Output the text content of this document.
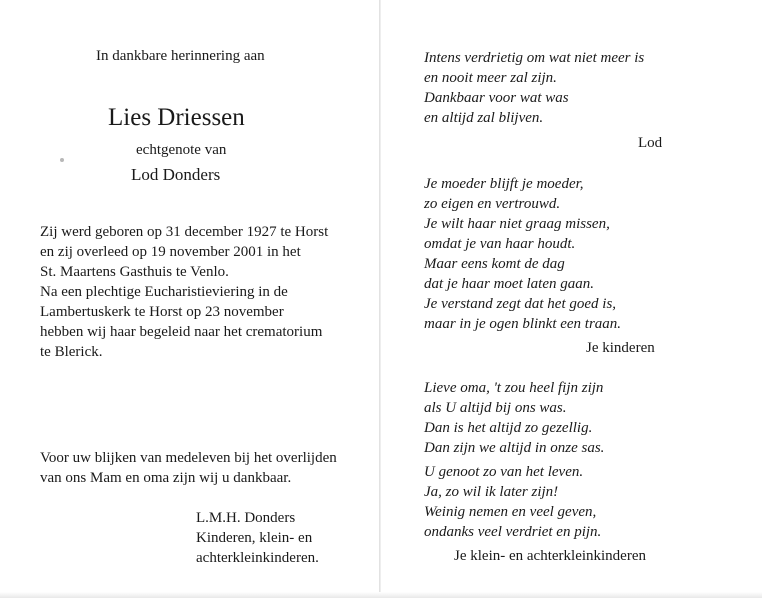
In dankbare herinnering aan
Lies Driessen
echtgenote van
Lod Donders
Zij werd geboren op 31 december 1927 te Horst
en zij overleed op 19 november 2001 in het
St. Maartens Gasthuis te Venlo.
Na een plechtige Eucharistieviering in de
Lambertuskerk te Horst op 23 november
hebben wij haar begeleid naar het crematorium
te Blerick.
Voor uw blijken van medeleven bij het overlijden
van ons Mam en oma zijn wij u dankbaar.
L.M.H. Donders
Kinderen, klein- en
achterkleinkinderen.
Intens verdrietig om wat niet meer is
en nooit meer zal zijn.
Dankbaar voor wat was
en altijd zal blijven.
Lod
Je moeder blijft je moeder,
zo eigen en vertrouwd.
Je wilt haar niet graag missen,
omdat je van haar houdt.
Maar eens komt de dag
dat je haar moet laten gaan.
Je verstand zegt dat het goed is,
maar in je ogen blinkt een traan.
Je kinderen
Lieve oma, 't zou heel fijn zijn
als U altijd bij ons was.
Dan is het altijd zo gezellig.
Dan zijn we altijd in onze sas.
U genoot zo van het leven.
Ja, zo wil ik later zijn!
Weinig nemen en veel geven,
ondanks veel verdriet en pijn.
Je klein- en achterkleinkinderen
